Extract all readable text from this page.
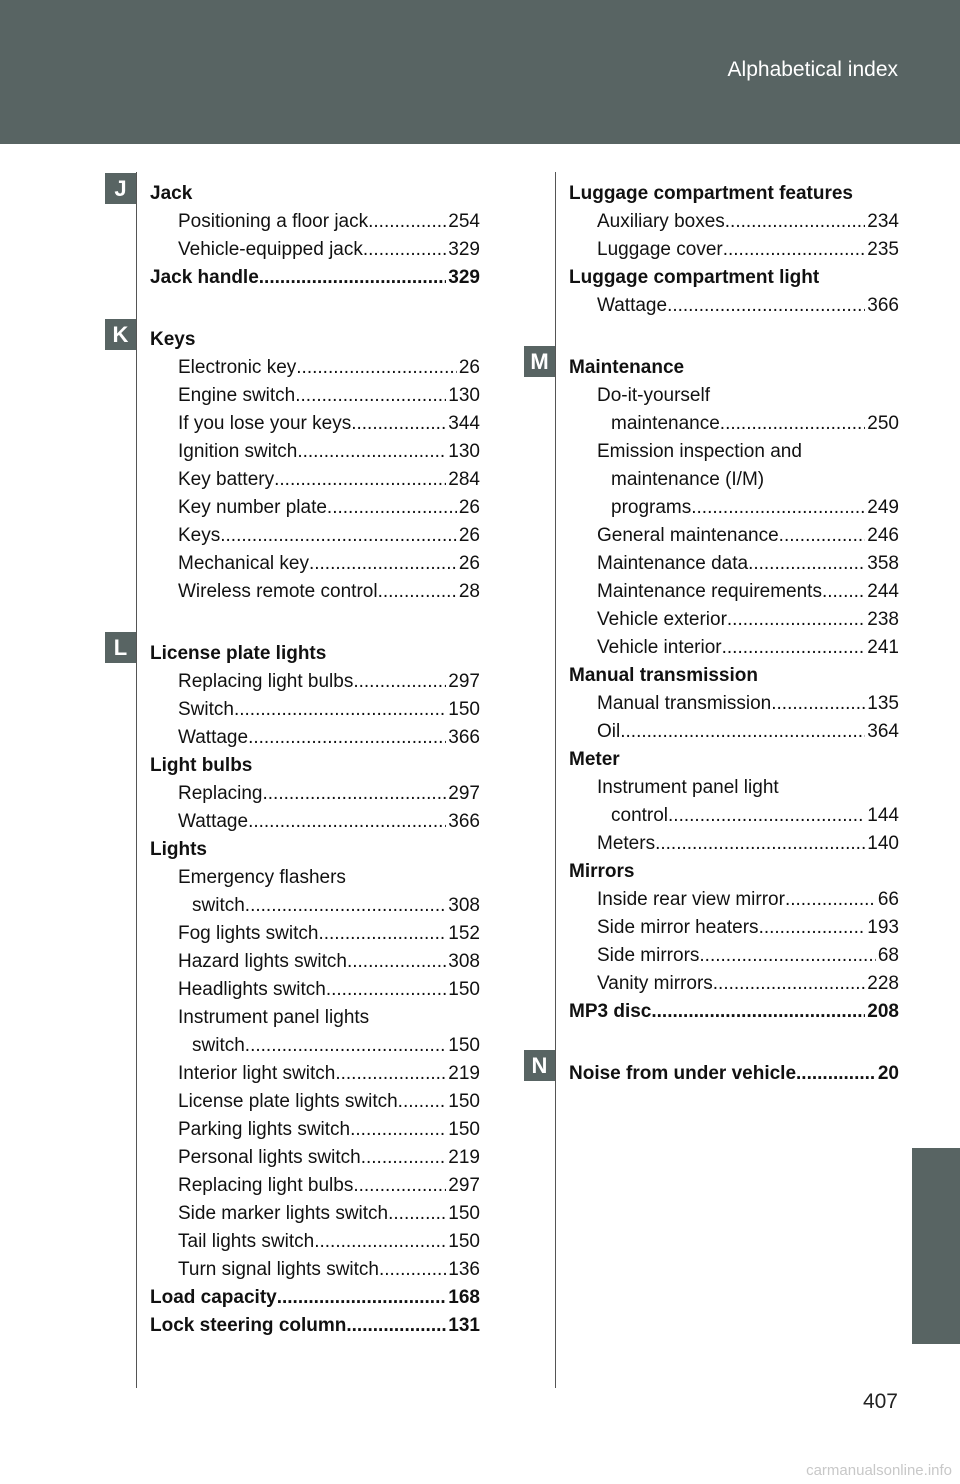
Alphabetical index
J
K
L
M
N
Jack
Positioning a floor jack .....	254
Vehicle-equipped jack .....	329
Jack handle .....	329
Keys
Electronic key .....	26
Engine switch .....	130
If you lose your keys .....	344
Ignition switch .....	130
Key battery .....	284
Key number plate .....	26
Keys .....	26
Mechanical key .....	26
Wireless remote control .....	28
License plate lights
Replacing light bulbs .....	297
Switch .....	150
Wattage .....	366
Light bulbs
Replacing .....	297
Wattage .....	366
Lights
Emergency flashers
switch .....	308
Fog lights switch .....	152
Hazard lights switch .....	308
Headlights switch .....	150
Instrument panel lights
switch .....	150
Interior light switch .....	219
License plate lights switch .....	150
Parking lights switch .....	150
Personal lights switch .....	219
Replacing light bulbs .....	297
Side marker lights switch .....	150
Tail lights switch .....	150
Turn signal lights switch .....	136
Load capacity .....	168
Lock steering column .....	131
Luggage compartment features
Auxiliary boxes .....	234
Luggage cover .....	235
Luggage compartment light
Wattage .....	366
Maintenance
Do-it-yourself
maintenance .....	250
Emission inspection and
maintenance (I/M)
programs .....	249
General maintenance .....	246
Maintenance data .....	358
Maintenance requirements ..... 244
Vehicle exterior .....	238
Vehicle interior .....	241
Manual transmission
Manual transmission .....	135
Oil .....	364
Meter
Instrument panel light
control .....	144
Meters .....	140
Mirrors
Inside rear view mirror .....	66
Side mirror heaters .....	193
Side mirrors .....	68
Vanity mirrors .....	228
MP3 disc .....	208
Noise from under vehicle .....	20
407
carmanualsonline.info
